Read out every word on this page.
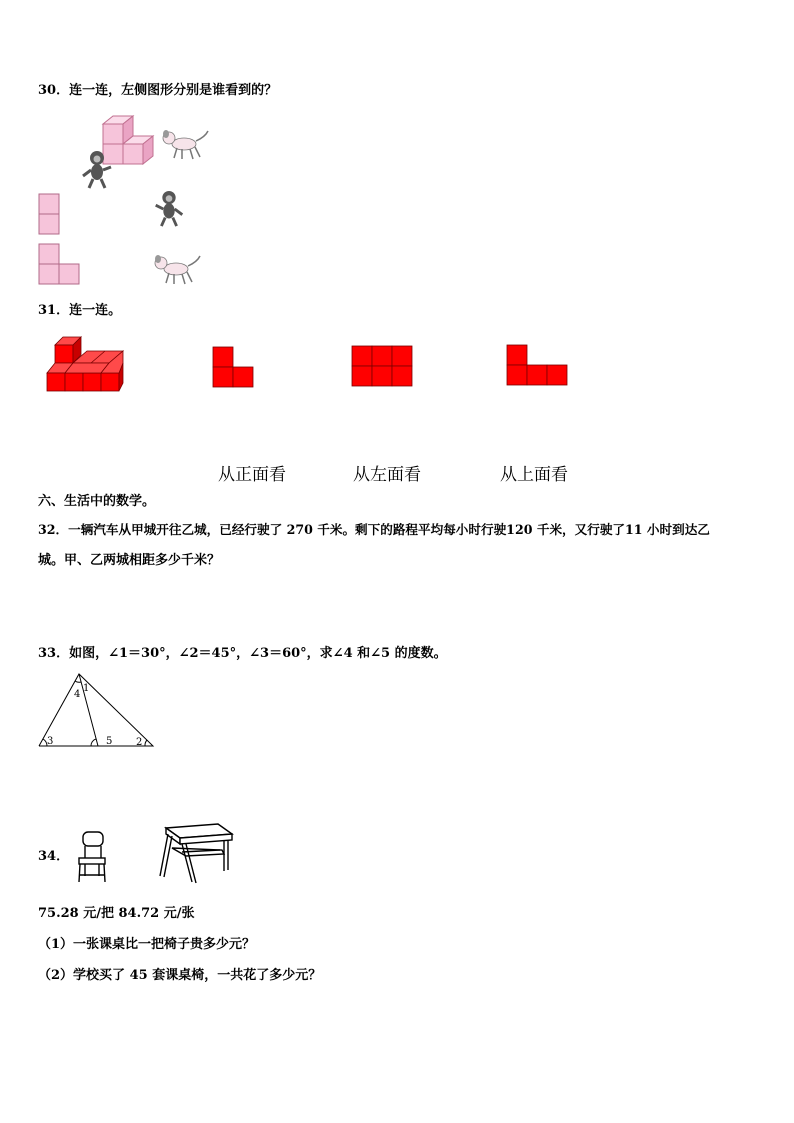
30．连一连，左侧图形分别是谁看到的？
31．连一连。
从正面看	从左面看	从上面看
六、生活中的数学。
32．一辆汽车从甲城开往乙城，已经行驶了 270 千米。剩下的路程平均每小时行驶120 千米，又行驶了11 小时到达乙
城。甲、乙两城相距多少千米？
33．如图，∠1＝30°，∠2＝45°，∠3＝60°，求∠4 和∠5 的度数。
1
2
3
4
5
34．
75.28 元/把 84.72 元/张
（1）一张课桌比一把椅子贵多少元？
（2）学校买了 45 套课桌椅，一共花了多少元？
